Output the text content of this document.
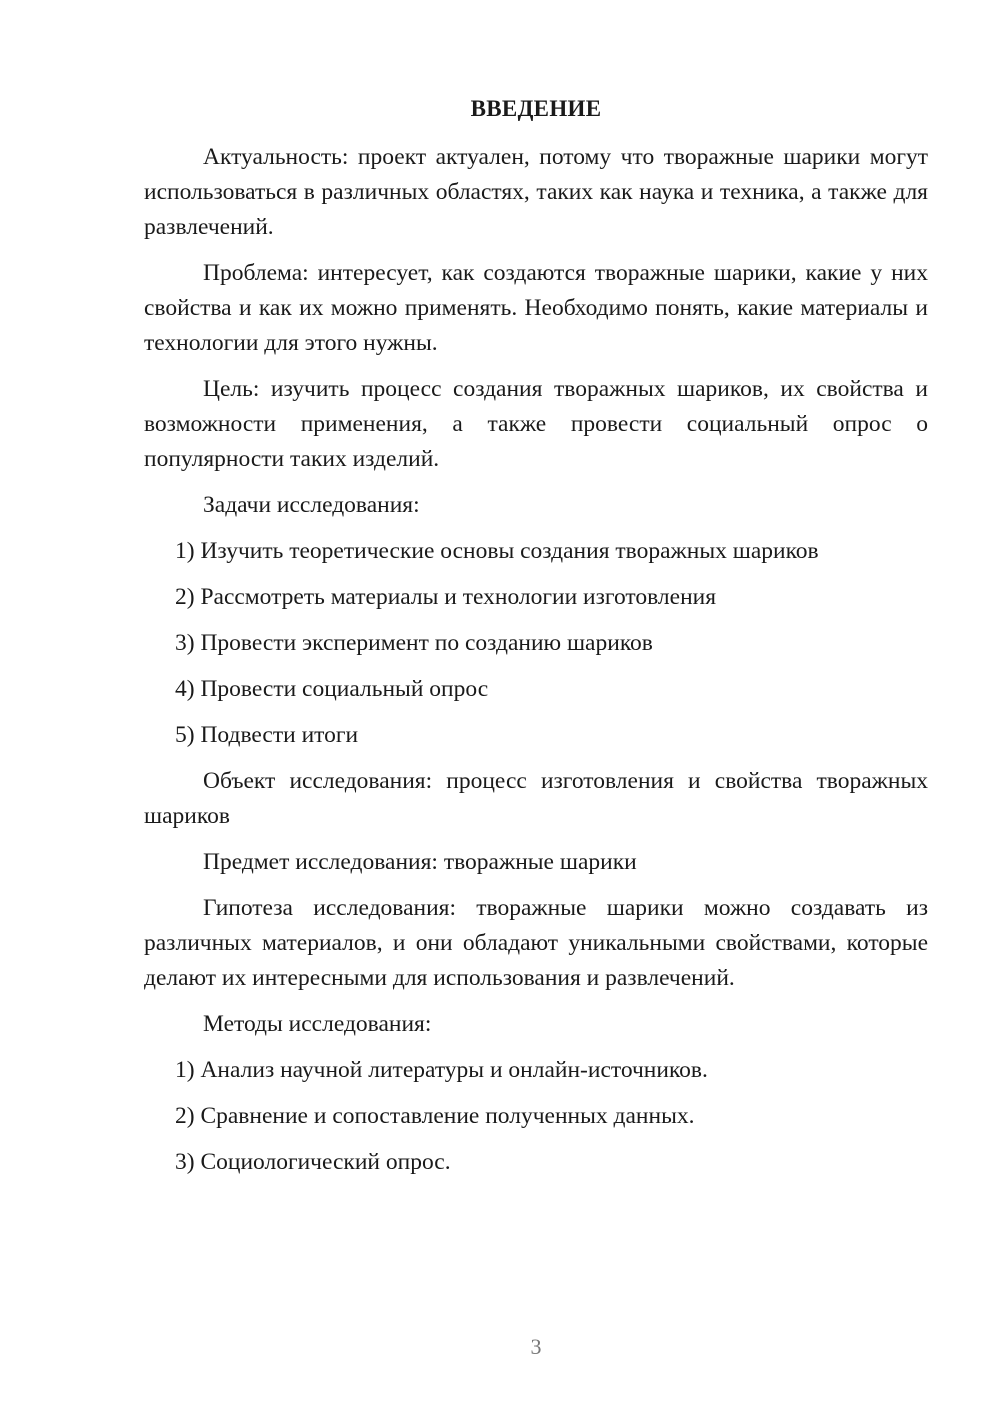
ВВЕДЕНИЕ

Актуальность: проект актуален, потому что творажные шарики могут использоваться в различных областях, таких как наука и техника, а также для развлечений.

Проблема: интересует, как создаются творажные шарики, какие у них свойства и как их можно применять. Необходимо понять, какие материалы и технологии для этого нужны.

Цель: изучить процесс создания творажных шариков, их свойства и возможности применения, а также провести социальный опрос о популярности таких изделий.

Задачи исследования:

1) Изучить теоретические основы создания творажных шариков

2) Рассмотреть материалы и технологии изготовления

3) Провести эксперимент по созданию шариков

4) Провести социальный опрос

5) Подвести итоги

Объект исследования: процесс изготовления и свойства творажных шариков

Предмет исследования: творажные шарики

Гипотеза исследования: творажные шарики можно создавать из различных материалов, и они обладают уникальными свойствами, которые делают их интересными для использования и развлечений.

Методы исследования:

1) Анализ научной литературы и онлайн-источников.

2) Сравнение и сопоставление полученных данных.

3) Социологический опрос.

3
